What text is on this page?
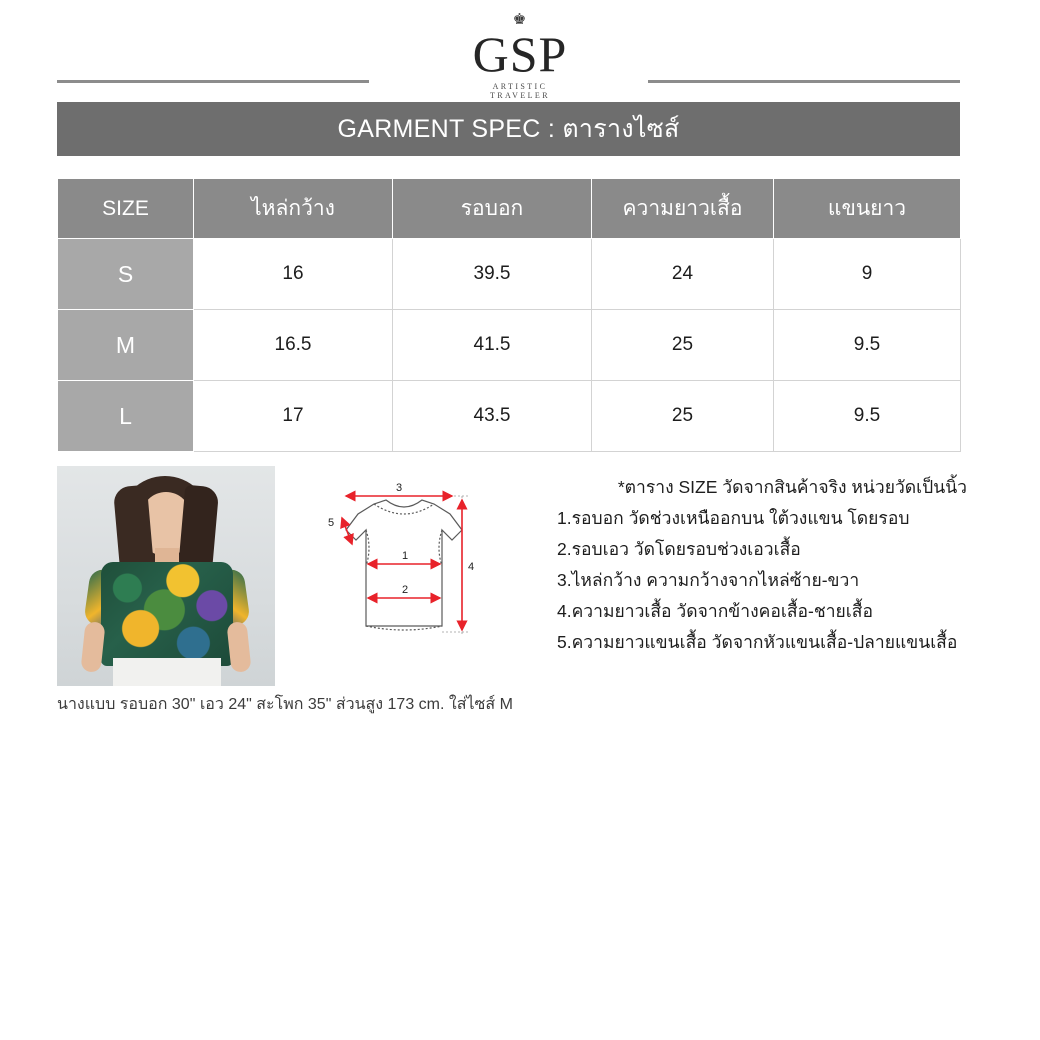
♚
GSP
ARTISTIC TRAVELER
GARMENT SPEC : ตารางไซส์
SIZE	ไหล่กว้าง	รอบอก	ความยาวเสื้อ	แขนยาว
S	16	39.5	24	9
M	16.5	41.5	25	9.5
L	17	43.5	25	9.5
3
5
1
2
4
*ตาราง SIZE วัดจากสินค้าจริง หน่วยวัดเป็นนิ้ว
1.รอบอก วัดช่วงเหนืออกบน ใต้วงแขน โดยรอบ
2.รอบเอว วัดโดยรอบช่วงเอวเสื้อ
3.ไหล่กว้าง ความกว้างจากไหล่ซ้าย-ขวา
4.ความยาวเสื้อ วัดจากข้างคอเสื้อ-ชายเสื้อ
5.ความยาวแขนเสื้อ วัดจากหัวแขนเสื้อ-ปลายแขนเสื้อ
นางแบบ รอบอก 30" เอว 24" สะโพก 35" ส่วนสูง 173 cm. ใส่ไซส์ M
